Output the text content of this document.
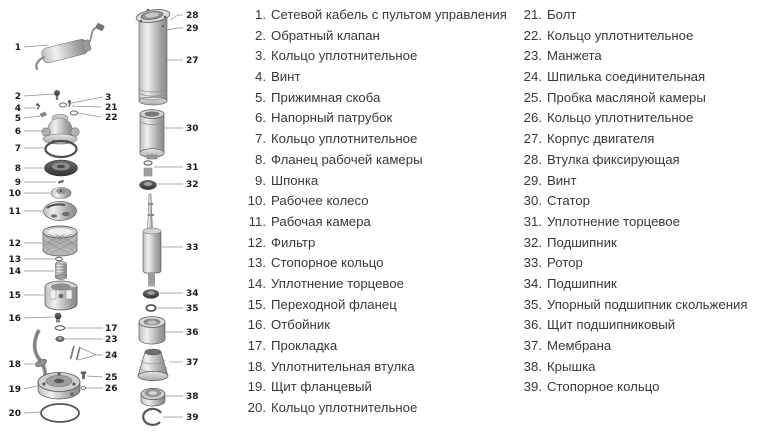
1
2
4
5
6
7
8
9
10
11
12
13
14
15
16
18
19
20
3
21
22
17
23
24
25
26
28
29
27
30
31
32
33
34
35
36
37
38
39
1. Сетевой кабель с пультом управления
2. Обратный клапан
3. Кольцо уплотнительное
4. Винт
5. Прижимная скоба
6. Напорный патрубок
7. Кольцо уплотнительное
8. Фланец рабочей камеры
9. Шпонка
10. Рабочее колесо
11. Рабочая камера
12. Фильтр
13. Стопорное кольцо
14. Уплотнение торцевое
15. Переходной фланец
16. Отбойник
17. Прокладка
18. Уплотнительная втулка
19. Щит фланцевый
20. Кольцо уплотнительное
21. Болт
22. Кольцо уплотнительное
23. Манжета
24. Шпилька соединительная
25. Пробка масляной камеры
26. Кольцо уплотнительное
27. Корпус двигателя
28. Втулка фиксирующая
29. Винт
30. Статор
31. Уплотнение торцевое
32. Подшипник
33. Ротор
34. Подшипник
35. Упорный подшипник скольжения
36. Щит подшипниковый
37. Мембрана
38. Крышка
39. Стопорное кольцо
